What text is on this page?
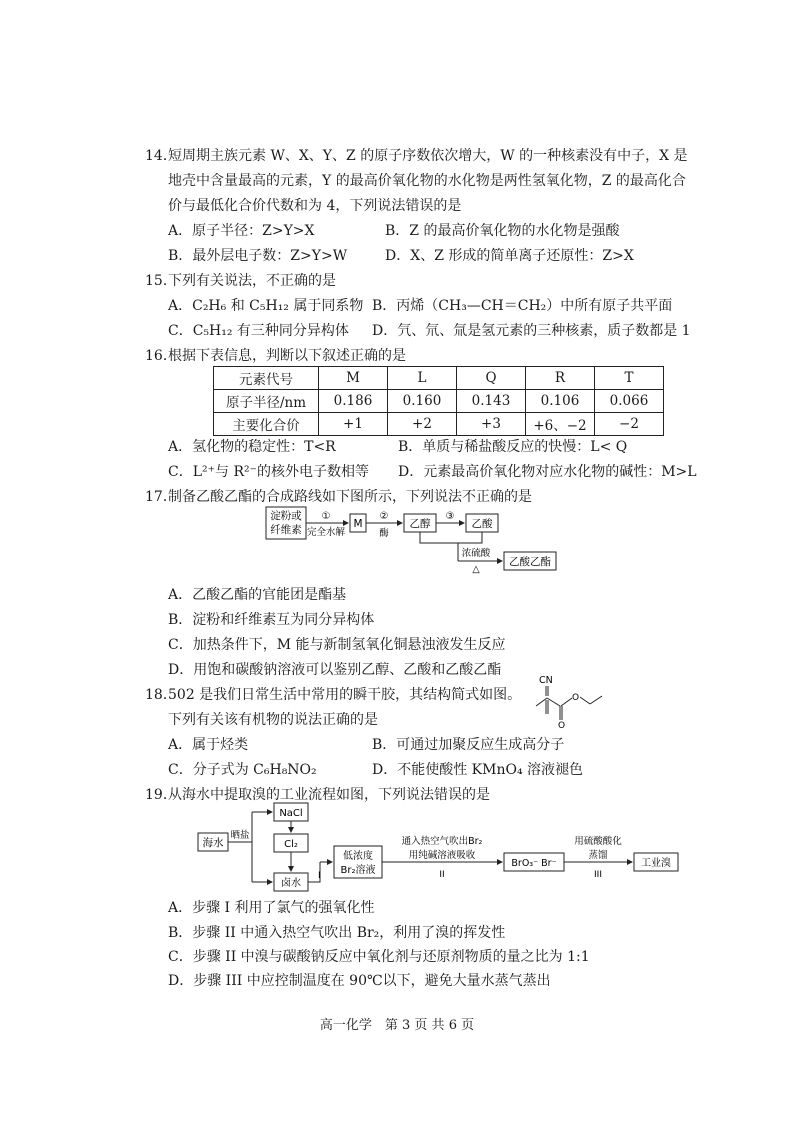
14．
短周期主族元素 W、X、Y、Z 的原子序数依次增大，W 的一种核素没有中子，X 是
地壳中含量最高的元素，Y 的最高价氧化物的水化物是两性氢氧化物，Z 的最高化合
价与最低化合价代数和为 4，下列说法错误的是
A．原子半径：Z>Y>X	B．Z 的最高价氧化物的水化物是强酸
B．最外层电子数：Z>Y>W	D．X、Z 形成的简单离子还原性：Z>X
15．
下列有关说法，不正确的是
A．C₂H₆ 和 C₅H₁₂ 属于同系物 B．丙烯（CH₃—CH＝CH₂）中所有原子共平面
C．C₅H₁₂ 有三种同分异构体 D．氕、氘、氚是氢元素的三种核素，质子数都是 1
16．
根据下表信息，判断以下叙述正确的是
元素代号	M	L	Q	R	T
原子半径/nm	0.186	0.160	0.143	0.106	0.066
主要化合价	+1	+2	+3	+6、−2	−2
A．氢化物的稳定性：T<R	B．单质与稀盐酸反应的快慢：L< Q
C．L²⁺与 R²⁻的核外电子数相等 D．元素最高价氧化物对应水化物的碱性：M>L
17．
制备乙酸乙酯的合成路线如下图所示，下列说法不正确的是
淀粉或
纤维素
①
完全水解
M
②
酶
乙醇
③
乙酸
浓硫酸
△
乙酸乙酯
A．乙酸乙酯的官能团是酯基
B．淀粉和纤维素互为同分异构体
C．加热条件下，M 能与新制氢氧化铜悬浊液发生反应
D．用饱和碳酸钠溶液可以鉴别乙醇、乙酸和乙酸乙酯
18．
502 是我们日常生活中常用的瞬干胶，其结构简式如图。
下列有关该有机物的说法正确的是
CN
O
O
A．属于烃类	B．可通过加聚反应生成高分子
C．分子式为 C₆H₈NO₂	D．不能使酸性 KMnO₄ 溶液褪色
19．
从海水中提取溴的工业流程如图，下列说法错误的是
海水
晒盐
NaCl
Cl₂
卤水
I
低浓度
Br₂溶液
通入热空气吹出Br₂
用纯碱溶液吸收
II
BrO₃⁻ Br⁻
用硫酸酸化
蒸馏
III
工业溴
A．步骤 I 利用了氯气的强氧化性
B．步骤 II 中通入热空气吹出 Br₂，利用了溴的挥发性
C．步骤 II 中溴与碳酸钠反应中氧化剂与还原剂物质的量之比为 1:1
D．步骤 III 中应控制温度在 90℃以下，避免大量水蒸气蒸出
高一化学　第 3 页 共 6 页
